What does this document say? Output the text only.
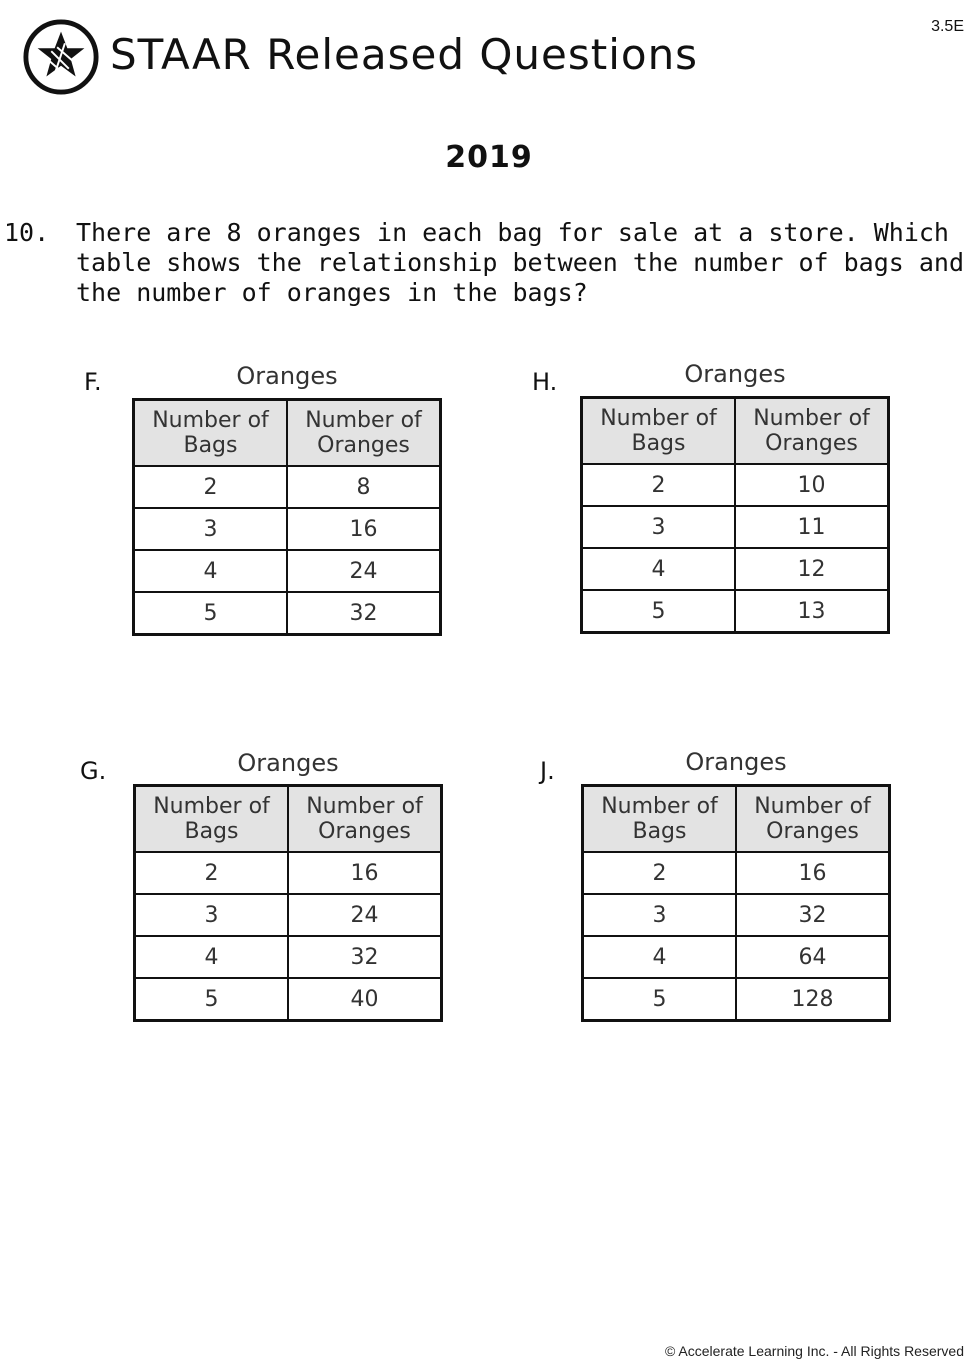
STAAR Released Questions
3.5E
2019
10. There are 8 oranges in each bag for sale at a store. Which table shows the relationship between the number of bags and the number of oranges in the bags?
F.	Oranges
Number of
Bags	Number of
Oranges
2	8
3	16
4	24
5	32
H.	Oranges
Number of
Bags	Number of
Oranges
2	10
3	11
4	12
5	13
G.	Oranges
Number of
Bags	Number of
Oranges
2	16
3	24
4	32
5	40
J.	Oranges
Number of
Bags	Number of
Oranges
2	16
3	32
4	64
5	128
© Accelerate Learning Inc. - All Rights Reserved
